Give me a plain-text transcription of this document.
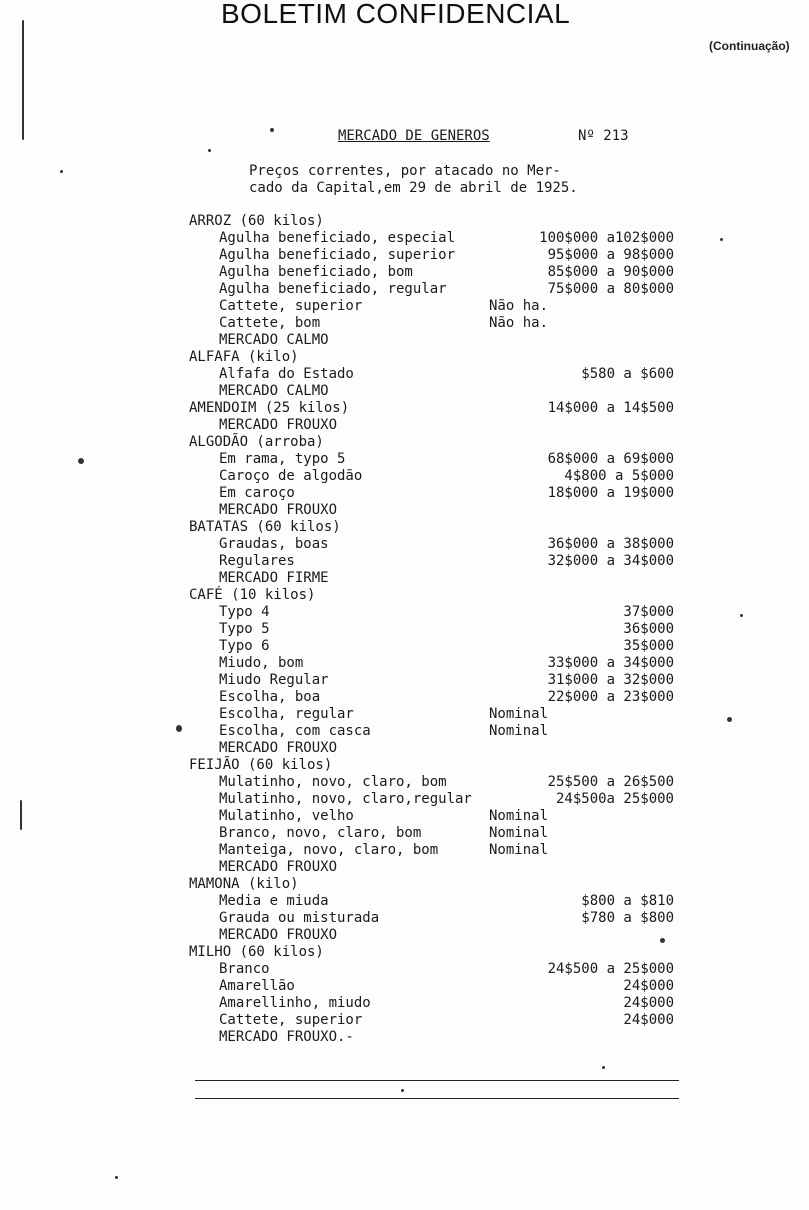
BOLETIM CONFIDENCIAL
(Continuação)
MERCADO DE GENEROS	Nº 213
Preços correntes, por atacado no Mer-
cado da Capital,em 29 de abril de 1925.
ARROZ (60 kilos)
Agulha beneficiado, especial	100$000 a102$000
Agulha beneficiado, superior	95$000 a 98$000
Agulha beneficiado, bom	85$000 a 90$000
Agulha beneficiado, regular	75$000 a 80$000
Cattete, superior	Não ha.
Cattete, bom	Não ha.
MERCADO CALMO
ALFAFA (kilo)
Alfafa do Estado	$580 a $600
MERCADO CALMO
AMENDOIM (25 kilos)	14$000 a 14$500
MERCADO FROUXO
ALGODÃO (arroba)
Em rama, typo 5	68$000 a 69$000
Caroço de algodão	4$800 a 5$000
Em caroço	18$000 a 19$000
MERCADO FROUXO
BATATAS (60 kilos)
Graudas, boas	36$000 a 38$000
Regulares	32$000 a 34$000
MERCADO FIRME
CAFÉ (10 kilos)
Typo 4	37$000
Typo 5	36$000
Typo 6	35$000
Miudo, bom	33$000 a 34$000
Miudo Regular	31$000 a 32$000
Escolha, boa	22$000 a 23$000
Escolha, regular	Nominal
Escolha, com casca	Nominal
MERCADO FROUXO
FEIJÃO (60 kilos)
Mulatinho, novo, claro, bom	25$500 a 26$500
Mulatinho, novo, claro,regular	24$500a 25$000
Mulatinho, velho	Nominal
Branco, novo, claro, bom	Nominal
Manteiga, novo, claro, bom	Nominal
MERCADO FROUXO
MAMONA (kilo)
Media e miuda	$800 a $810
Grauda ou misturada	$780 a $800
MERCADO FROUXO
MILHO (60 kilos)
Branco	24$500 a 25$000
Amarellão	24$000
Amarellinho, miudo	24$000
Cattete, superior	24$000
MERCADO FROUXO.-
